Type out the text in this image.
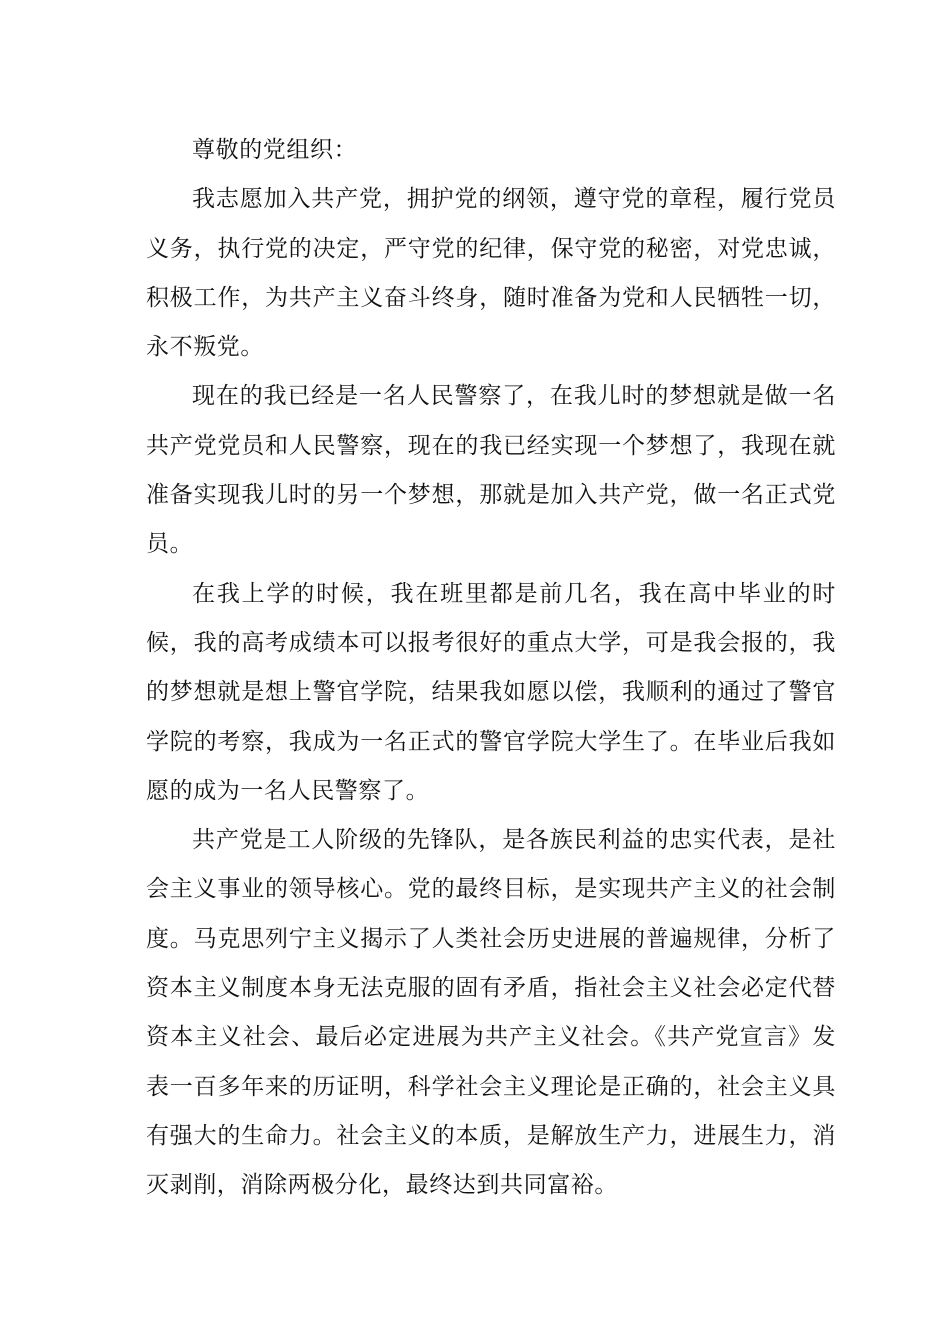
尊敬的党组织：

我志愿加入共产党，拥护党的纲领，遵守党的章程，履行党员义务，执行党的决定，严守党的纪律，保守党的秘密，对党忠诚，积极工作，为共产主义奋斗终身，随时准备为党和人民牺牲一切，永不叛党。

现在的我已经是一名人民警察了，在我儿时的梦想就是做一名共产党党员和人民警察，现在的我已经实现一个梦想了，我现在就准备实现我儿时的另一个梦想，那就是加入共产党，做一名正式党员。

在我上学的时候，我在班里都是前几名，我在高中毕业的时候，我的高考成绩本可以报考很好的重点大学，可是我会报的，我的梦想就是想上警官学院，结果我如愿以偿，我顺利的通过了警官学院的考察，我成为一名正式的警官学院大学生了。在毕业后我如愿的成为一名人民警察了。

共产党是工人阶级的先锋队，是各族民利益的忠实代表，是社会主义事业的领导核心。党的最终目标，是实现共产主义的社会制度。马克思列宁主义揭示了人类社会历史进展的普遍规律，分析了资本主义制度本身无法克服的固有矛盾，指社会主义社会必定代替资本主义社会、最后必定进展为共产主义社会。《共产党宣言》发表一百多年来的历证明，科学社会主义理论是正确的，社会主义具有强大的生命力。社会主义的本质，是解放生产力，进展生力，消灭剥削，消除两极分化，最终达到共同富裕。
